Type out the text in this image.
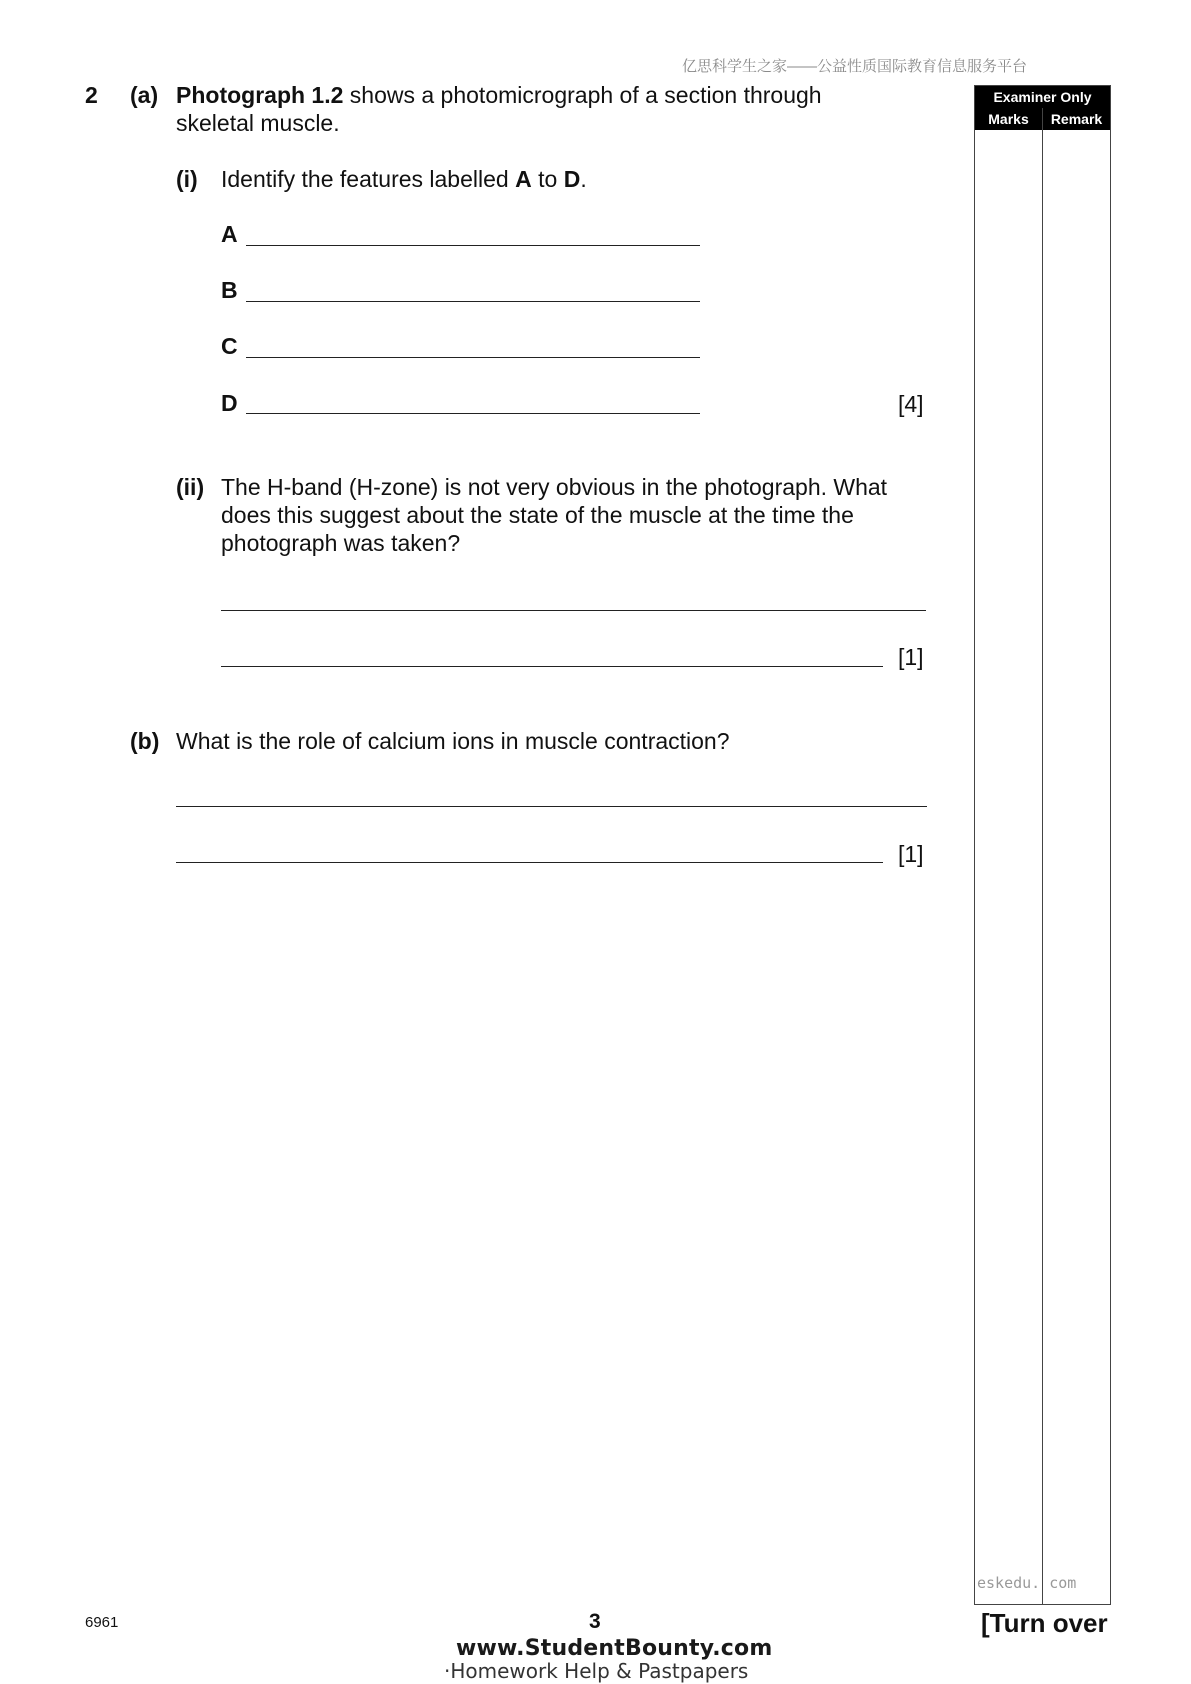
亿思科学生之家——公益性质国际教育信息服务平台
2 (a) Photograph 1.2 shows a photomicrograph of a section through
skeletal muscle.
(i) Identify the features labelled A to D.
A
B
C
D	[4]
(ii) The H-band (H-zone) is not very obvious in the photograph. What
does this suggest about the state of the muscle at the time the
photograph was taken?
[1]
(b) What is the role of calcium ions in muscle contraction?
[1]
Examiner Only
Marks	Remark
eskedu. com
6961	3	[Turn over
www.StudentBounty.com
·Homework Help & Pastpapers
